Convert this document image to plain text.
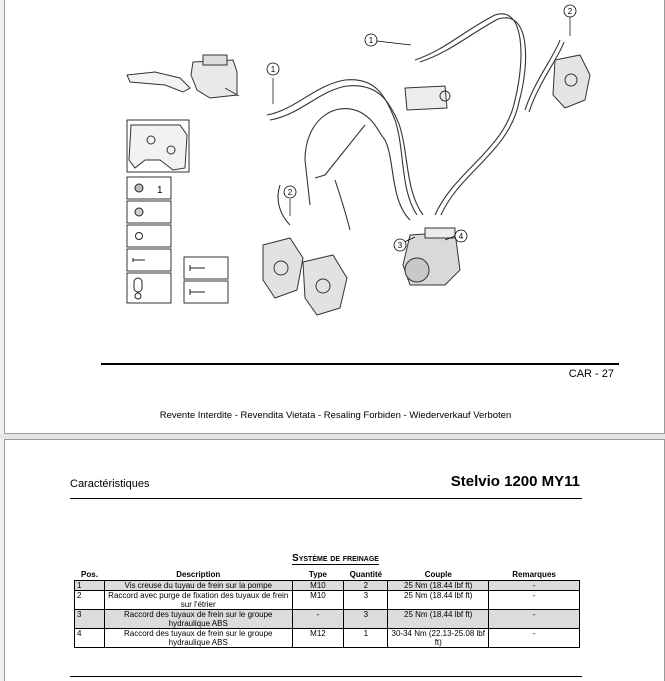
1
1
2
2
3
4
1
CAR - 27
Revente Interdite - Revendita Vietata - Resaling Forbiden - Wiederverkauf Verboten
Caractéristiques	Stelvio 1200 MY11
Système de freinage
Pos.	Description	Type	Quantité	Couple	Remarques
1	Vis creuse du tuyau de frein sur la pompe	M10	2	25 Nm (18.44 lbf ft)	-
2	Raccord avec purge de fixation des tuyaux de frein sur l'étrier	M10	3	25 Nm (18.44 lbf ft)	-
3	Raccord des tuyaux de frein sur le groupe hydraulique ABS	-	3	25 Nm (18.44 lbf ft)	-
4	Raccord des tuyaux de frein sur le groupe hydraulique ABS	M12	1	30-34 Nm (22.13-25.08 lbf ft)	-
